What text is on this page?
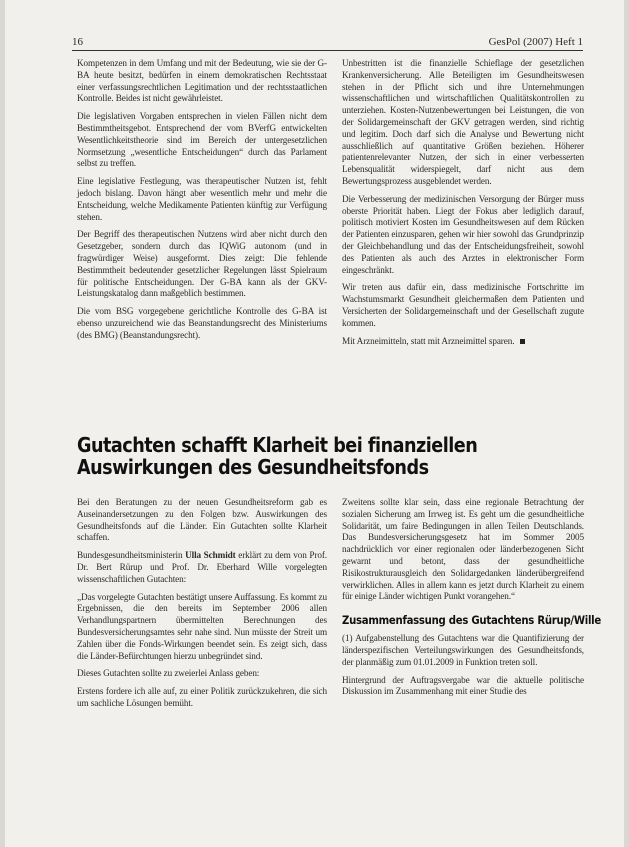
16	GesPol (2007) Heft 1

Kompetenzen in dem Umfang und mit der Bedeutung, wie sie der G-BA heute besitzt, bedürfen in einem demokratischen Rechtsstaat einer verfassungsrechtlichen Legitimation und der rechtsstaatlichen Kontrolle. Beides ist nicht gewährleistet.

Die legislativen Vorgaben entsprechen in vielen Fällen nicht dem Bestimmtheitsgebot. Entsprechend der vom BVerfG entwickelten Wesentlichkeitstheorie sind im Bereich der untergesetzlichen Normsetzung „wesentliche Entscheidungen“ durch das Parlament selbst zu treffen.

Eine legislative Festlegung, was therapeutischer Nutzen ist, fehlt jedoch bislang. Davon hängt aber wesentlich mehr und mehr die Entscheidung, welche Medikamente Patienten künftig zur Verfügung stehen.

Der Begriff des therapeutischen Nutzens wird aber nicht durch den Gesetzgeber, sondern durch das IQWiG autonom (und in fragwürdiger Weise) ausgeformt. Dies zeigt: Die fehlende Bestimmtheit bedeutender gesetzlicher Regelungen lässt Spielraum für politische Entscheidungen. Der G-BA kann als der GKV-Leistungskatalog dann maßgeblich bestimmen.

Die vom BSG vorgegebene gerichtliche Kontrolle des G-BA ist ebenso unzureichend wie das Beanstandungsrecht des Ministeriums (des BMG) (Beanstandungsrecht).

Unbestritten ist die finanzielle Schieflage der gesetzlichen Krankenversicherung. Alle Beteiligten im Gesundheitswesen stehen in der Pflicht sich und ihre Unternehmungen wissenschaftlichen und wirtschaftlichen Qualitätskontrollen zu unterziehen. Kosten-Nutzenbewertungen bei Leistungen, die von der Solidargemeinschaft der GKV getragen werden, sind richtig und legitim. Doch darf sich die Analyse und Bewertung nicht ausschließlich auf quantitative Größen beziehen. Höherer patientenrelevanter Nutzen, der sich in einer verbesserten Lebensqualität widerspiegelt, darf nicht aus dem Bewertungsprozess ausgeblendet werden.

Die Verbesserung der medizinischen Versorgung der Bürger muss oberste Priorität haben. Liegt der Fokus aber lediglich darauf, politisch motiviert Kosten im Gesundheitswesen auf dem Rücken der Patienten einzusparen, gehen wir hier sowohl das Grundprinzip der Gleichbehandlung und das der Entscheidungsfreiheit, sowohl des Patienten als auch des Arztes in elektronischer Form eingeschränkt.

Wir treten aus dafür ein, dass medizinische Fortschritte im Wachstumsmarkt Gesundheit gleichermaßen dem Patienten und Versicherten der Solidargemeinschaft und der Gesellschaft zugute kommen.

Mit Arzneimitteln, statt mit Arzneimittel sparen.

Gutachten schafft Klarheit bei finanziellen Auswirkungen des Gesundheitsfonds

Bei den Beratungen zu der neuen Gesundheitsreform gab es Auseinandersetzungen zu den Folgen bzw. Auswirkungen des Gesundheitsfonds auf die Länder. Ein Gutachten sollte Klarheit schaffen.

Bundesgesundheitsministerin Ulla Schmidt erklärt zu dem von Prof. Dr. Bert Rürup und Prof. Dr. Eberhard Wille vorgelegten wissenschaftlichen Gutachten:

„Das vorgelegte Gutachten bestätigt unsere Auffassung. Es kommt zu Ergebnissen, die den bereits im September 2006 allen Verhandlungspartnern übermittelten Berechnungen des Bundesversicherungsamtes sehr nahe sind. Nun müsste der Streit um Zahlen über die Fonds-Wirkungen beendet sein. Es zeigt sich, dass die Länder-Befürchtungen hierzu unbegründet sind.

Dieses Gutachten sollte zu zweierlei Anlass geben:

Erstens fordere ich alle auf, zu einer Politik zurückzukehren, die sich um sachliche Lösungen bemüht.

Zweitens sollte klar sein, dass eine regionale Betrachtung der sozialen Sicherung am Irrweg ist. Es geht um die gesundheitliche Solidarität, um faire Bedingungen in allen Teilen Deutschlands. Das Bundesversicherungsgesetz hat im Sommer 2005 nachdrücklich vor einer regionalen oder länderbezogenen Sicht gewarnt und betont, dass der gesundheitliche Risikostrukturausgleich den Solidargedanken länderübergreifend verwirklichen. Alles in allem kann es jetzt durch Klarheit zu einem für einige Länder wichtigen Punkt vorangehen.“

Zusammenfassung des Gutachtens Rürup/Wille

(1) Aufgabenstellung des Gutachtens war die Quantifizierung der länderspezifischen Verteilungswirkungen des Gesundheitsfonds, der planmäßig zum 01.01.2009 in Funktion treten soll.

Hintergrund der Auftragsvergabe war die aktuelle politische Diskussion im Zusammenhang mit einer Studie des
